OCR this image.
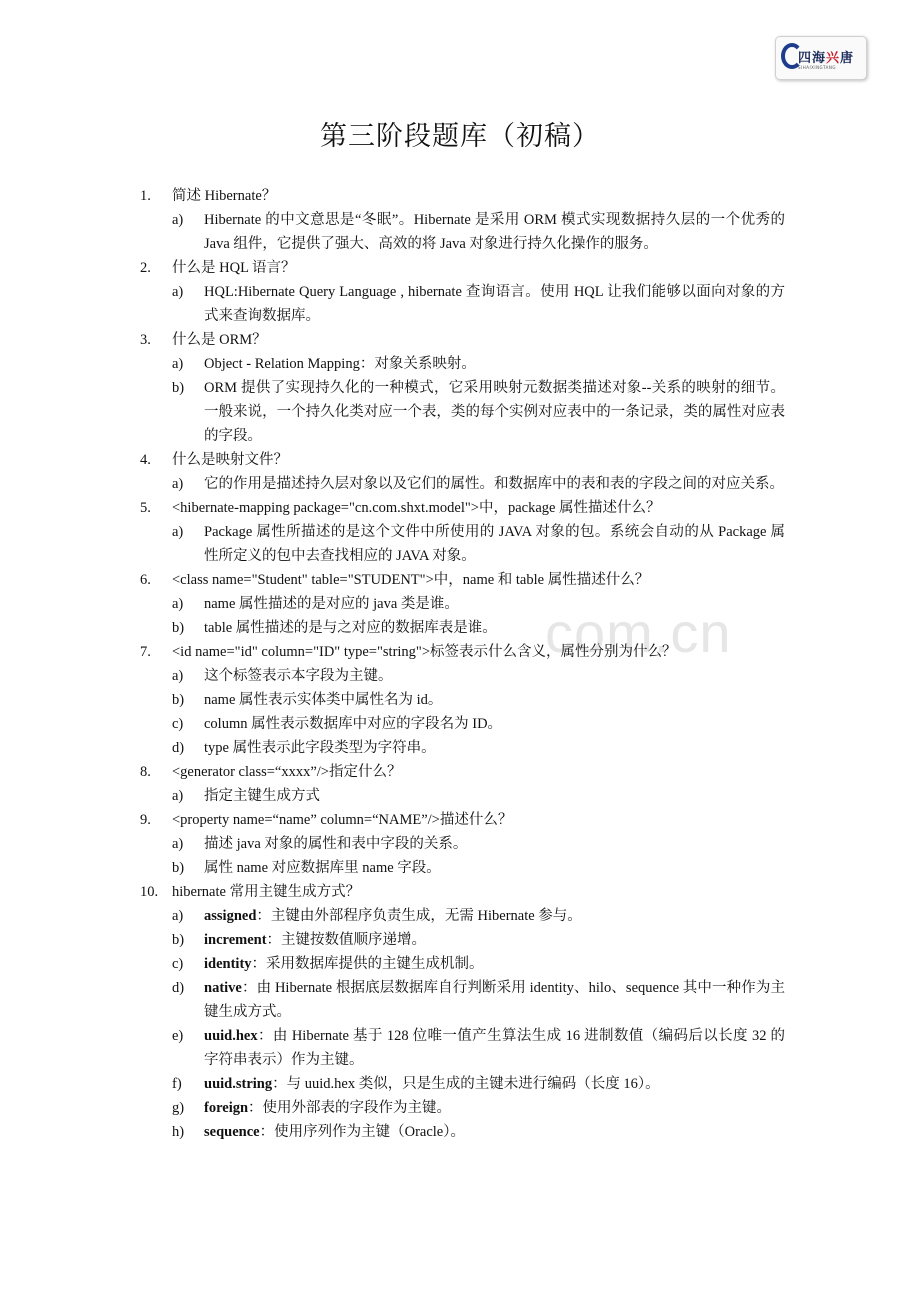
四海兴唐
SIHAIXINGTANG
com.cn
第三阶段题库（初稿）
1. 简述 Hibernate？
a) Hibernate 的中文意思是“冬眠”。Hibernate 是采用 ORM 模式实现数据持久层的一个优秀的 Java 组件，它提供了强大、高效的将 Java 对象进行持久化操作的服务。
2. 什么是 HQL 语言？
a) HQL:Hibernate Query Language , hibernate 查询语言。使用 HQL 让我们能够以面向对象的方式来查询数据库。
3. 什么是 ORM？
a) Object - Relation Mapping：对象关系映射。
b) ORM 提供了实现持久化的一种模式，它采用映射元数据类描述对象--关系的映射的细节。一般来说，一个持久化类对应一个表，类的每个实例对应表中的一条记录，类的属性对应表的字段。
4. 什么是映射文件？
a) 它的作用是描述持久层对象以及它们的属性。和数据库中的表和表的字段之间的对应关系。
5. <hibernate-mapping package="cn.com.shxt.model">中，package 属性描述什么？
a) Package 属性所描述的是这个文件中所使用的 JAVA 对象的包。系统会自动的从 Package 属性所定义的包中去查找相应的 JAVA 对象。
6. <class name="Student" table="STUDENT">中，name 和 table 属性描述什么？
a) name 属性描述的是对应的 java 类是谁。
b) table 属性描述的是与之对应的数据库表是谁。
7. <id name="id" column="ID" type="string">标签表示什么含义，属性分别为什么？
a) 这个标签表示本字段为主键。
b) name 属性表示实体类中属性名为 id。
c) column 属性表示数据库中对应的字段名为 ID。
d) type 属性表示此字段类型为字符串。
8. <generator class=“xxxx”/>指定什么？
a) 指定主键生成方式
9. <property name=“name” column=“NAME”/>描述什么？
a) 描述 java 对象的属性和表中字段的关系。
b) 属性 name 对应数据库里 name 字段。
10. hibernate 常用主键生成方式？
a) assigned：主键由外部程序负责生成，无需 Hibernate 参与。
b) increment：主键按数值顺序递增。
c) identity：采用数据库提供的主键生成机制。
d) native：由 Hibernate 根据底层数据库自行判断采用 identity、hilo、sequence 其中一种作为主键生成方式。
e) uuid.hex：由 Hibernate 基于 128 位唯一值产生算法生成 16 进制数值（编码后以长度 32 的字符串表示）作为主键。
f) uuid.string：与 uuid.hex 类似，只是生成的主键未进行编码（长度 16）。
g) foreign：使用外部表的字段作为主键。
h) sequence：使用序列作为主键（Oracle）。
